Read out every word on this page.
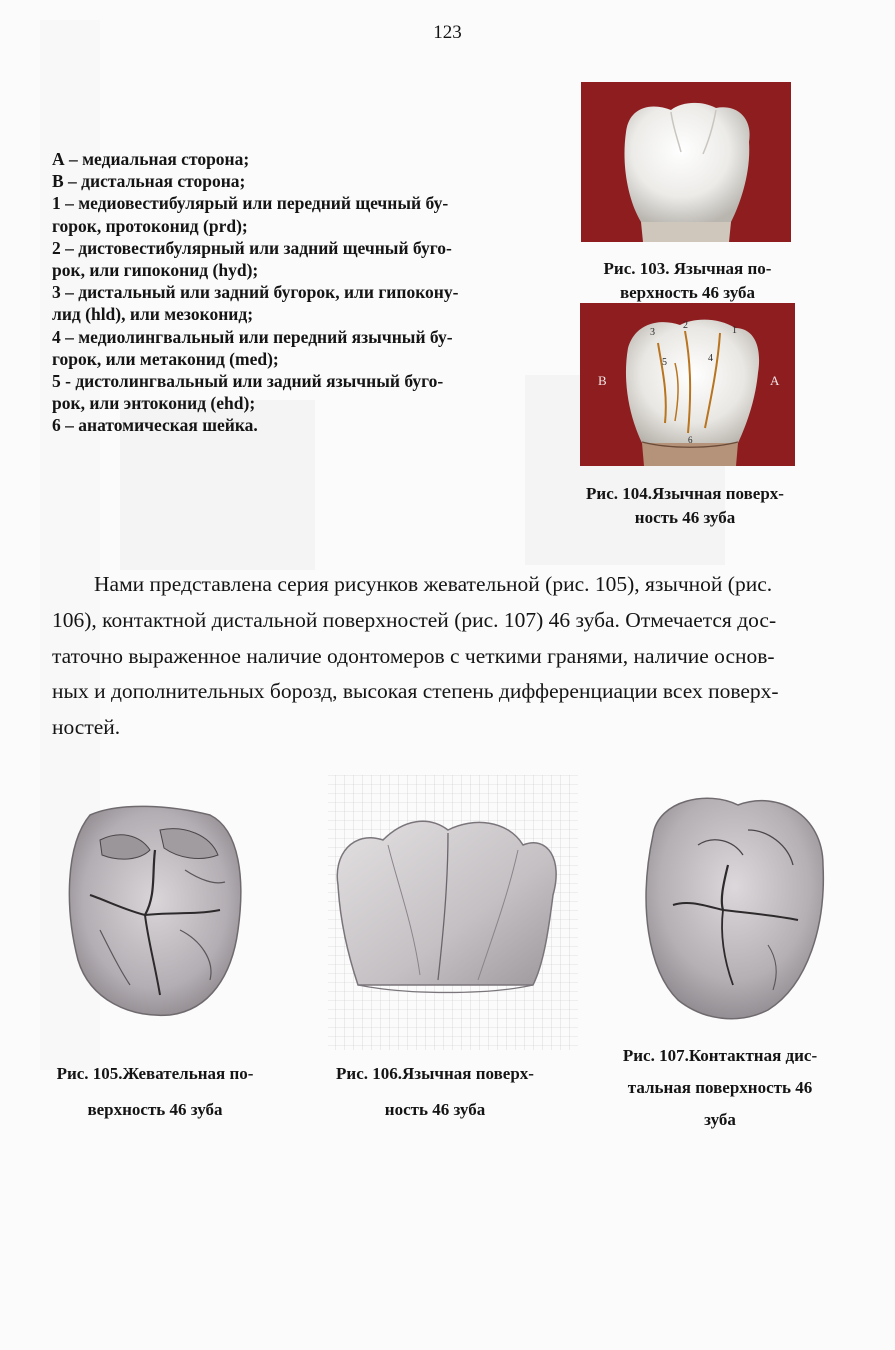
123
А – медиальная сторона;
В – дистальная сторона;
1 – медиовестибулярый или передний щечный бу-
горок, протоконид (prd);
2 – дистовестибулярный или задний щечный буго-
рок, или гипоконид (hyd);
3 – дистальный или задний бугорок, или гипокону-
лид (hld), или мезоконид;
4 – медиолингвальный или передний язычный бу-
горок, или метаконид (med);
5 - дистолингвальный или задний язычный буго-
рок, или энтоконид (ehd);
6 – анатомическая шейка.
Рис. 103. Язычная по-
верхность 46 зуба
3
2	1
5	4
6
B	A
Рис. 104.Язычная поверх-
ность 46 зуба
Нами представлена серия рисунков жевательной (рис. 105), язычной (рис.
106), контактной дистальной поверхностей (рис. 107) 46 зуба. Отмечается дос-
таточно выраженное наличие одонтомеров с четкими гранями, наличие основ-
ных и дополнительных борозд, высокая степень дифференциации всех поверх-
ностей.
Рис. 105.Жевательная по-
верхность 46 зуба
Рис. 106.Язычная поверх-
ность 46 зуба
Рис. 107.Контактная дис-
тальная поверхность 46
зуба
